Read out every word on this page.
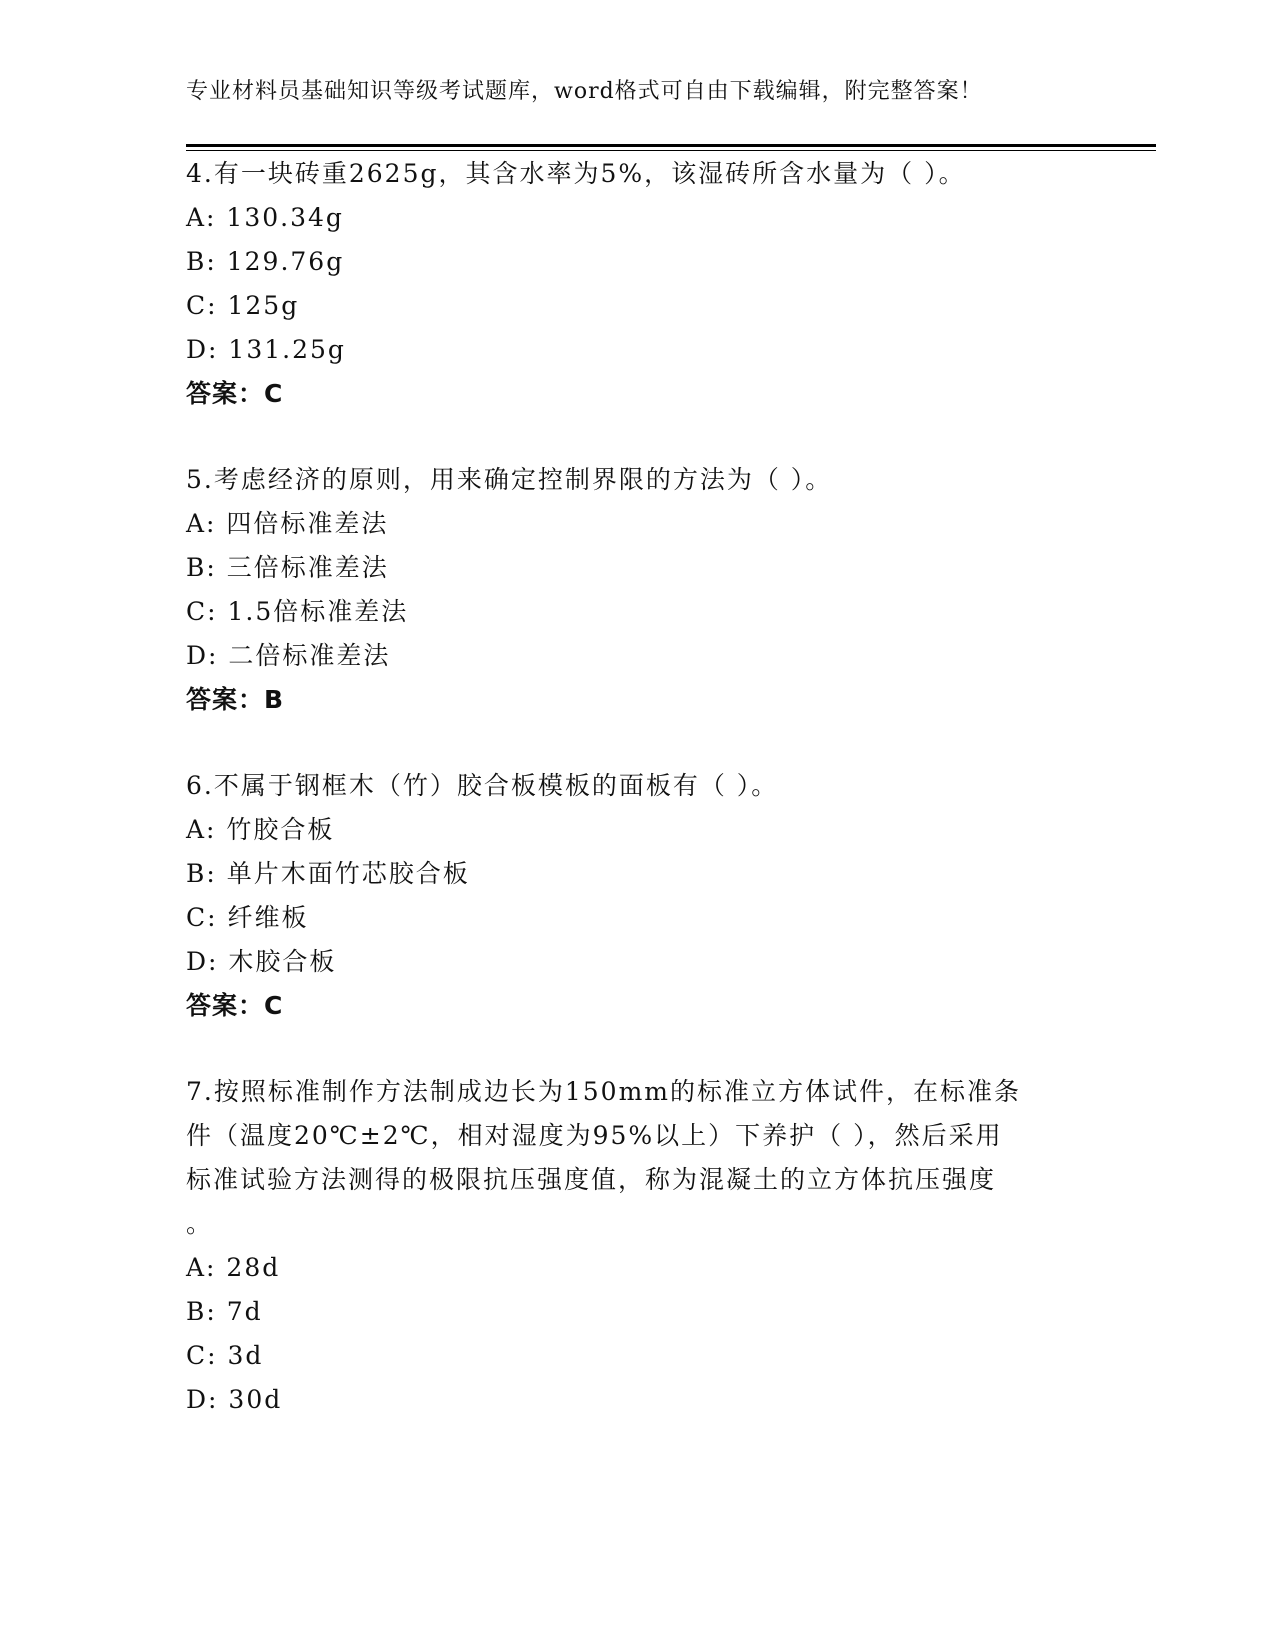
专业材料员基础知识等级考试题库，word格式可自由下载编辑，附完整答案！
4.有一块砖重2625g，其含水率为5%，该湿砖所含水量为（ ）。
A: 130.34g
B: 129.76g
C: 125g
D: 131.25g
答案：C
5.考虑经济的原则，用来确定控制界限的方法为（ ）。
A: 四倍标准差法
B: 三倍标准差法
C: 1.5倍标准差法
D: 二倍标准差法
答案：B
6.不属于钢框木（竹）胶合板模板的面板有（ ）。
A: 竹胶合板
B: 单片木面竹芯胶合板
C: 纤维板
D: 木胶合板
答案：C
7.按照标准制作方法制成边长为150mm的标准立方体试件，在标准条
件（温度20℃±2℃，相对湿度为95%以上）下养护（ ），然后采用
标准试验方法测得的极限抗压强度值，称为混凝土的立方体抗压强度
。
A: 28d
B: 7d
C: 3d
D: 30d
